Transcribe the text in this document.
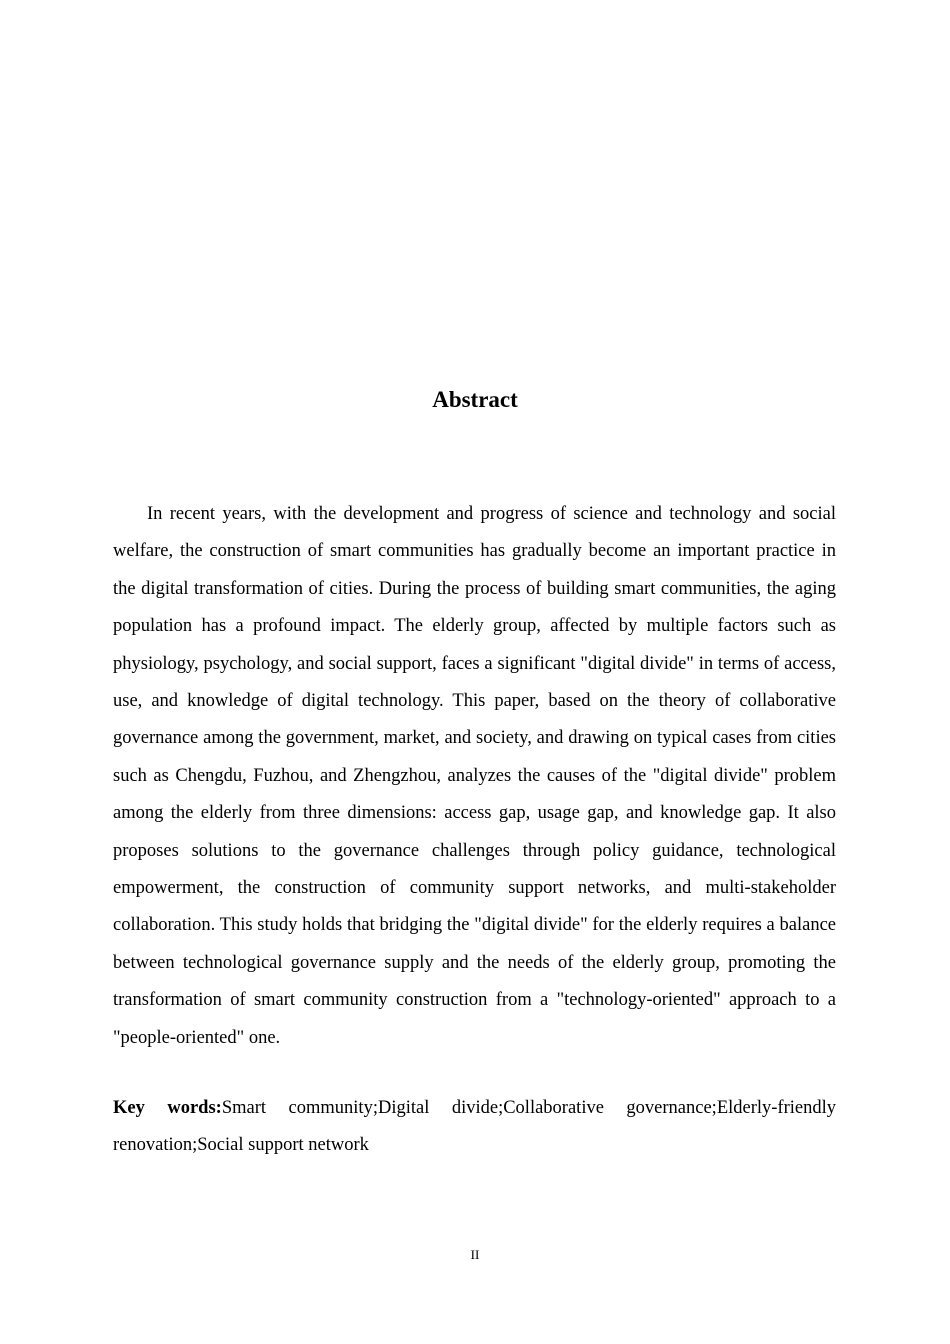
Abstract

In recent years, with the development and progress of science and technology and social welfare, the construction of smart communities has gradually become an important practice in the digital transformation of cities. During the process of building smart communities, the aging population has a profound impact. The elderly group, affected by multiple factors such as physiology, psychology, and social support, faces a significant "digital divide" in terms of access, use, and knowledge of digital technology. This paper, based on the theory of collaborative governance among the government, market, and society, and drawing on typical cases from cities such as Chengdu, Fuzhou, and Zhengzhou, analyzes the causes of the "digital divide" problem among the elderly from three dimensions: access gap, usage gap, and knowledge gap. It also proposes solutions to the governance challenges through policy guidance, technological empowerment, the construction of community support networks, and multi-stakeholder collaboration. This study holds that bridging the "digital divide" for the elderly requires a balance between technological governance supply and the needs of the elderly group, promoting the transformation of smart community construction from a "technology-oriented" approach to a "people-oriented" one.

Key words:Smart community;Digital divide;Collaborative governance;Elderly-friendly renovation;Social support network

II
